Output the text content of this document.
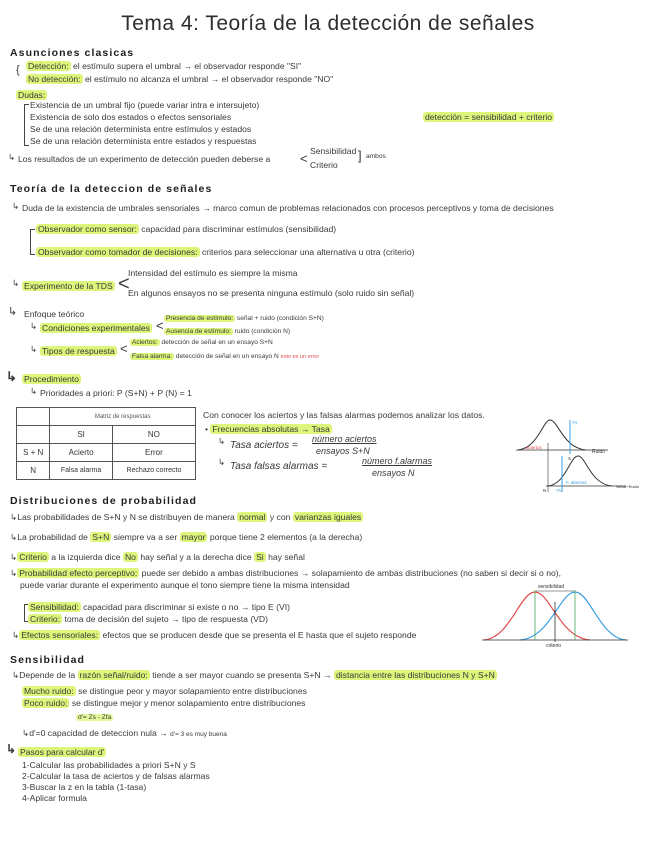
Tema 4: Teoría de la detección de señales
Asunciones clasicas
{ Detección: el estímulo supera el umbral → el observador responde "SI"
No detección: el estímulo no alcanza el umbral → el observador responde "NO"
Dudas:
Existencia de un umbral fijo (puede variar intra e intersujeto)
Existencia de solo dos estados o efectos sensoriales
Se de una relación determinista entre estímulos y estados
Se de una relación determinista entre estados y respuestas
detección = sensibilidad + criterio
↳ Los resultados de un experimento de detección pueden deberse a < Sensibilidad
Criterio
] ambos
Teoría de la deteccion de señales
↳ Duda de la existencia de umbrales sensoriales → marco comun de problemas relacionados con procesos perceptivos y toma de decisiones
Observador como sensor: capacidad para discriminar estímulos (sensibilidad)
Observador como tomador de decisiones: criterios para seleccionar una alternativa u otra (criterio)
↳ Experimento de la TDS <
Intensidad del estímulo es siempre la misma
En algunos ensayos no se presenta ninguna estímulo (solo ruido sin señal)
↳ Enfoque teórico
↳ Condiciones experimentales < Presencia de estímulo: señal + ruido (condición S+N)
Ausencia de estímulo: ruido (condición N)
↳ Tipos de respuesta < Aciertos: detección de señal en un ensayo S+N
Falsa alarma: detección de señal en un ensayo N esto es un error
↳ Procedimiento
↳ Prioridades a priori: P (S+N) + P (N) = 1
	Matriz de respuestas	
	SI	NO
S + N	Acierto	Error
N	Falsa alarma	Rechazo correcto
Con conocer los aciertos y las falsas alarmas podemos analizar los datos.
• Frecuencias absolutas → Tasa
↳ Tasa aciertos =
número aciertos
ensayos S+N
↳ Tasa falsas alarmas =	número f.alarmas
ensayos N
aciertos
Ruido
Señal+Ruido
F. alarmas
Ys
YN
S
N
Distribuciones de probabilidad
↳Las probabilidades de S+N y N se distribuyen de manera normal y con varianzas iguales
↳La probabilidad de S+N siempre va a ser mayor porque tiene 2 elementos (a la derecha)
↳ Criterio a la izquierda dice No hay señal y a la derecha dice Si hay señal
↳ Probabilidad efecto perceptivo: puede ser debido a ambas distribuciones → solapamiento de ambas distribuciones (no saben si decir si o no),
puede variar durante el experimento aunque el tono siempre tiene la misma intensidad
Sensibilidad: capacidad para discriminar si existe o no → tipo E (VI)
Criterio: toma de decisión del sujeto → tipo de respuesta (VD)
↳ Efectos sensoriales: efectos que se producen desde que se presenta el E hasta que el sujeto responde
sensibilidad
criterio
Sensibilidad
↳Depende de la razón señal/ruido: tiende a ser mayor cuando se presenta S+N → distancia entre las distribuciones N y S+N
Mucho ruido: se distingue peor y mayor solapamiento entre distribuciones
Poco ruido: se distingue mejor y menor solapamiento entre distribuciones
d'= Zs - Zfa
↳d'=0 capacidad de deteccion nula → d'= 3 es muy buena
↳ Pasos para calcular d'
1-Calcular las probabilidades a priori S+N y S
2-Calcular la tasa de aciertos y de falsas alarmas
3-Buscar la z en la tabla (1-tasa)
4-Aplicar formula
